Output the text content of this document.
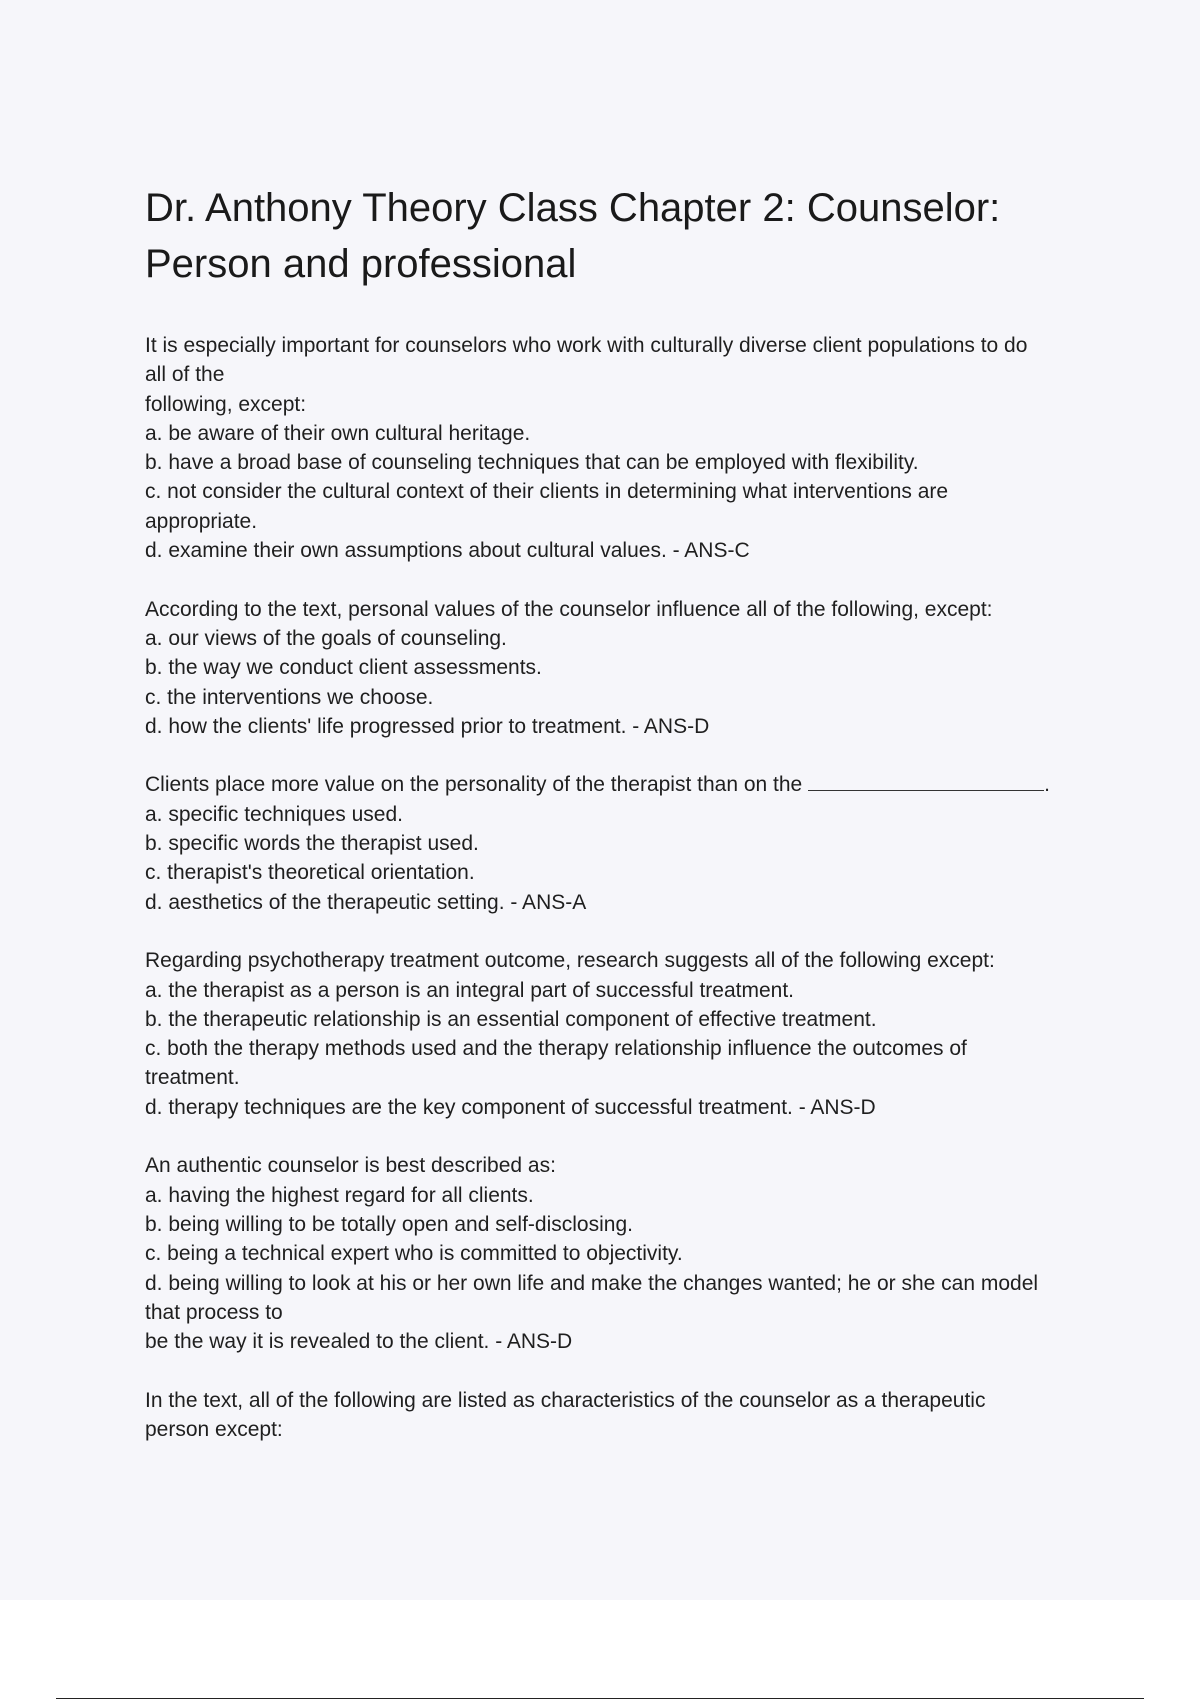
Dr. Anthony Theory Class Chapter 2: Counselor:
Person and professional
It is especially important for counselors who work with culturally diverse client populations to do
all of the
following, except:
a. be aware of their own cultural heritage.
b. have a broad base of counseling techniques that can be employed with flexibility.
c. not consider the cultural context of their clients in determining what interventions are
appropriate.
d. examine their own assumptions about cultural values. - ANS-C
According to the text, personal values of the counselor influence all of the following, except:
a. our views of the goals of counseling.
b. the way we conduct client assessments.
c. the interventions we choose.
d. how the clients' life progressed prior to treatment. - ANS-D
Clients place more value on the personality of the therapist than on the	.
a. specific techniques used.
b. specific words the therapist used.
c. therapist's theoretical orientation.
d. aesthetics of the therapeutic setting. - ANS-A
Regarding psychotherapy treatment outcome, research suggests all of the following except:
a. the therapist as a person is an integral part of successful treatment.
b. the therapeutic relationship is an essential component of effective treatment.
c. both the therapy methods used and the therapy relationship influence the outcomes of
treatment.
d. therapy techniques are the key component of successful treatment. - ANS-D
An authentic counselor is best described as:
a. having the highest regard for all clients.
b. being willing to be totally open and self-disclosing.
c. being a technical expert who is committed to objectivity.
d. being willing to look at his or her own life and make the changes wanted; he or she can model
that process to
be the way it is revealed to the client. - ANS-D
In the text, all of the following are listed as characteristics of the counselor as a therapeutic
person except:
